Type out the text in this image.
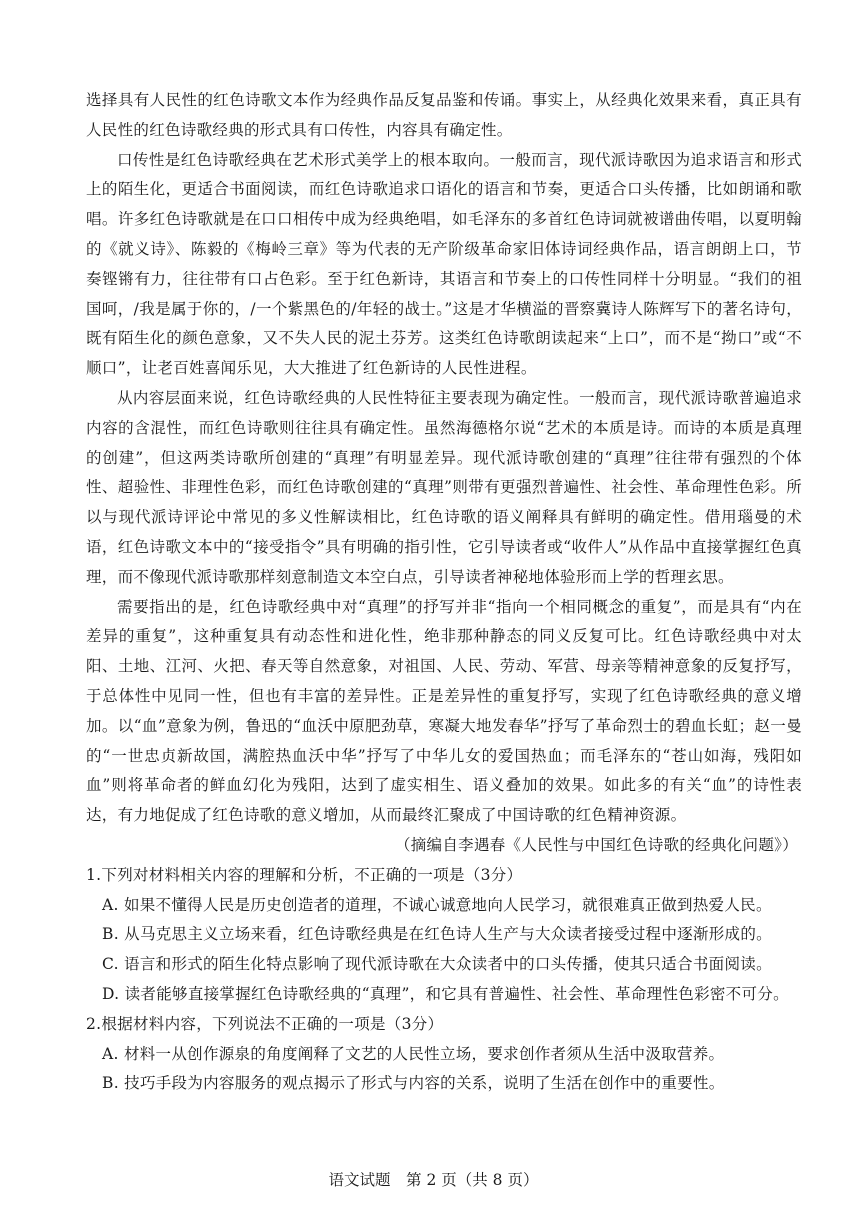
选择具有人民性的红色诗歌文本作为经典作品反复品鉴和传诵。事实上，从经典化效果来看，真正具有人民性的红色诗歌经典的形式具有口传性，内容具有确定性。

口传性是红色诗歌经典在艺术形式美学上的根本取向。一般而言，现代派诗歌因为追求语言和形式上的陌生化，更适合书面阅读，而红色诗歌追求口语化的语言和节奏，更适合口头传播，比如朗诵和歌唱。许多红色诗歌就是在口口相传中成为经典绝唱，如毛泽东的多首红色诗词就被谱曲传唱，以夏明翰的《就义诗》、陈毅的《梅岭三章》等为代表的无产阶级革命家旧体诗词经典作品，语言朗朗上口，节奏铿锵有力，往往带有口占色彩。至于红色新诗，其语言和节奏上的口传性同样十分明显。“我们的祖国呵，/我是属于你的，/一个紫黑色的/年轻的战士。”这是才华横溢的晋察冀诗人陈辉写下的著名诗句，既有陌生化的颜色意象，又不失人民的泥土芬芳。这类红色诗歌朗读起来“上口”，而不是“拗口”或“不顺口”，让老百姓喜闻乐见，大大推进了红色新诗的人民性进程。

从内容层面来说，红色诗歌经典的人民性特征主要表现为确定性。一般而言，现代派诗歌普遍追求内容的含混性，而红色诗歌则往往具有确定性。虽然海德格尔说“艺术的本质是诗。而诗的本质是真理的创建”，但这两类诗歌所创建的“真理”有明显差异。现代派诗歌创建的“真理”往往带有强烈的个体性、超验性、非理性色彩，而红色诗歌创建的“真理”则带有更强烈普遍性、社会性、革命理性色彩。所以与现代派诗评论中常见的多义性解读相比，红色诗歌的语义阐释具有鲜明的确定性。借用瑙曼的术语，红色诗歌文本中的“接受指令”具有明确的指引性，它引导读者或“收件人”从作品中直接掌握红色真理，而不像现代派诗歌那样刻意制造文本空白点，引导读者神秘地体验形而上学的哲理玄思。

需要指出的是，红色诗歌经典中对“真理”的抒写并非“指向一个相同概念的重复”，而是具有“内在差异的重复”，这种重复具有动态性和进化性，绝非那种静态的同义反复可比。红色诗歌经典中对太阳、土地、江河、火把、春天等自然意象，对祖国、人民、劳动、军营、母亲等精神意象的反复抒写，于总体性中见同一性，但也有丰富的差异性。正是差异性的重复抒写，实现了红色诗歌经典的意义增加。以“血”意象为例，鲁迅的“血沃中原肥劲草，寒凝大地发春华”抒写了革命烈士的碧血长虹；赵一曼的“一世忠贞新故国，满腔热血沃中华”抒写了中华儿女的爱国热血；而毛泽东的“苍山如海，残阳如血”则将革命者的鲜血幻化为残阳，达到了虚实相生、语义叠加的效果。如此多的有关“血”的诗性表达，有力地促成了红色诗歌的意义增加，从而最终汇聚成了中国诗歌的红色精神资源。

（摘编自李遇春《人民性与中国红色诗歌的经典化问题》）

1.下列对材料相关内容的理解和分析，不正确的一项是（3分）

A. 如果不懂得人民是历史创造者的道理，不诚心诚意地向人民学习，就很难真正做到热爱人民。

B. 从马克思主义立场来看，红色诗歌经典是在红色诗人生产与大众读者接受过程中逐渐形成的。

C. 语言和形式的陌生化特点影响了现代派诗歌在大众读者中的口头传播，使其只适合书面阅读。

D. 读者能够直接掌握红色诗歌经典的“真理”，和它具有普遍性、社会性、革命理性色彩密不可分。

2.根据材料内容，下列说法不正确的一项是（3分）

A. 材料一从创作源泉的角度阐释了文艺的人民性立场，要求创作者须从生活中汲取营养。

B. 技巧手段为内容服务的观点揭示了形式与内容的关系，说明了生活在创作中的重要性。

语文试题　第 2 页（共 8 页）
